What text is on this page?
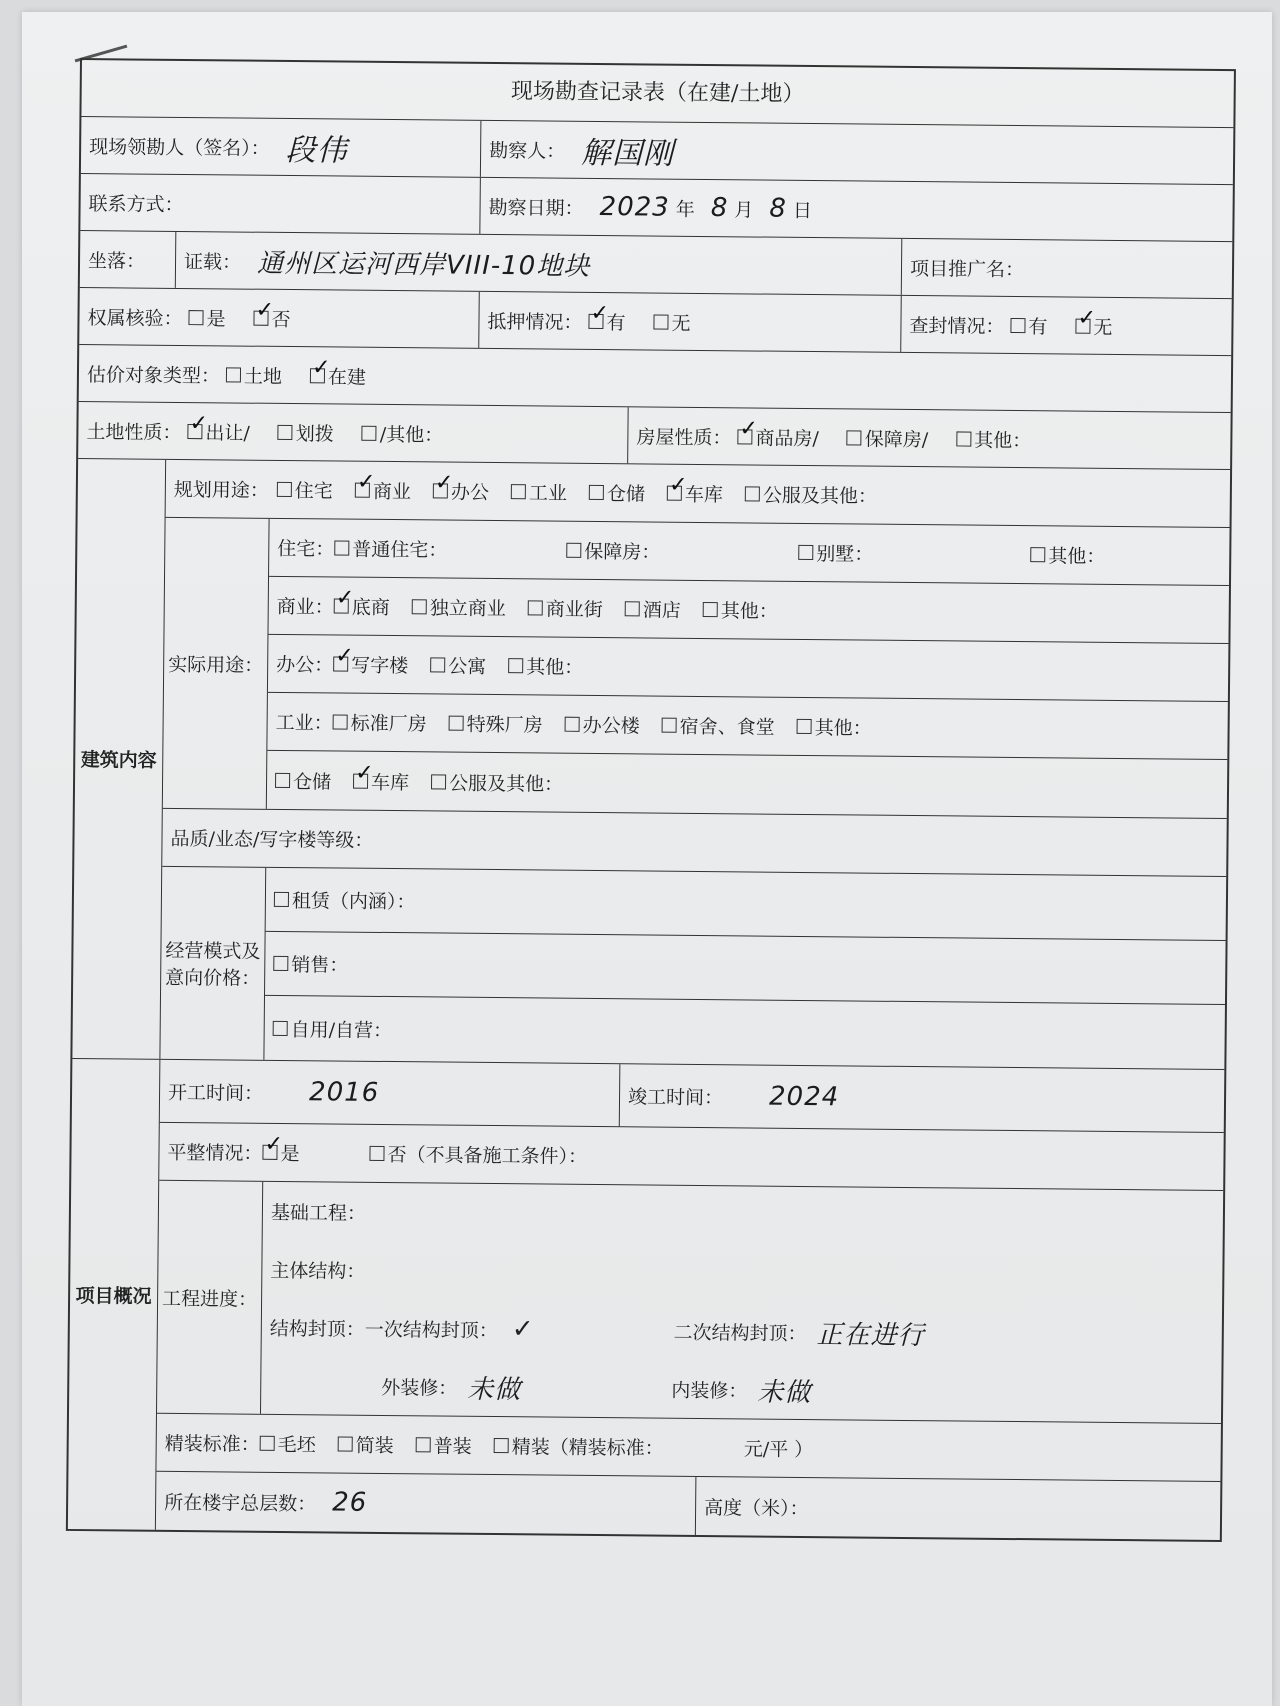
现场勘查记录表（在建/土地）
现场领勘人（签名）： 段伟	勘察人： 解国刚
联系方式：	勘察日期： 2023 年 8 月 8 日
坐落： 证载： 通州区运河西岸VIII-10地块	项目推广名：
权属核验： 是 ✓ 否	抵押情况： ✓ 有 无	查封情况： 有 ✓ 无
估价对象类型： 土地 ✓ 在建
土地性质： ✓ 出让/ 划拨 /其他：	房屋性质： ✓ 商品房/ 保障房/ 其他：
建筑内容
规划用途： 住宅 ✓ 商业 ✓ 办公 工业 仓储 ✓ 车库 公服及其他：
实际用途：
住宅： 普通住宅：	保障房：	别墅：	其他：
商业： ✓ 底商 独立商业 商业街 酒店 其他：
办公： ✓ 写字楼 公寓 其他：
工业： 标准厂房 特殊厂房 办公楼 宿舍、食堂 其他：
仓储 ✓ 车库 公服及其他：
品质/业态/写字楼等级：
经营模式及意向价格：
租赁（内涵）：
销售：
自用/自营：
项目概况
开工时间： 2016	竣工时间： 2024
平整情况： ✓ 是	否（不具备施工条件）：
工程进度：
基础工程：
主体结构：
结构封顶： 一次结构封顶： ✓	二次结构封顶： 正在进行
外装修： 未做	内装修： 未做
精装标准： 毛坯 简装 普装 精装（精装标准：	元/平 ）
所在楼宇总层数： 26	高度（米）：
